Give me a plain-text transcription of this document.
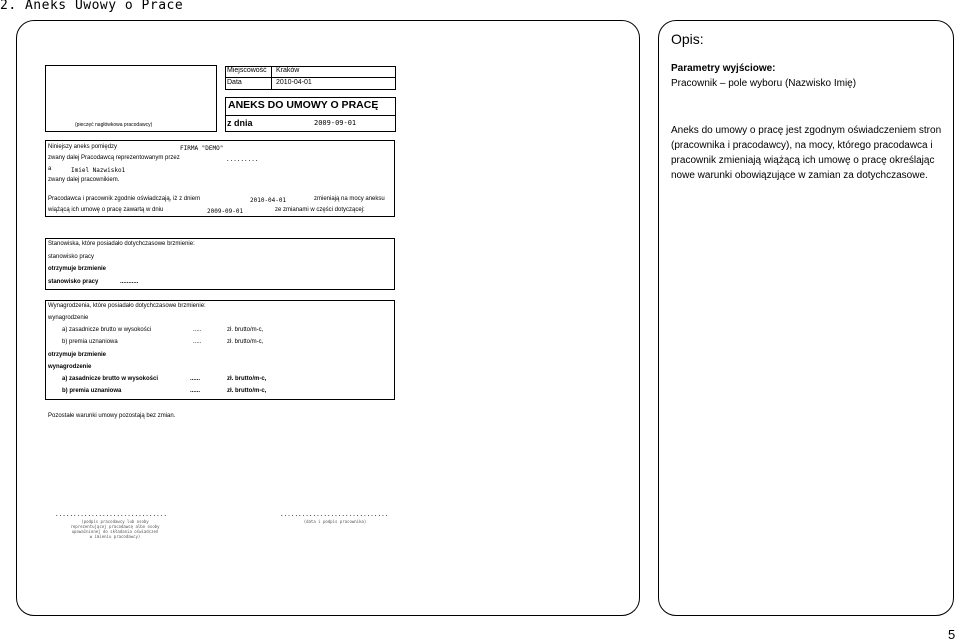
2. Aneks Uwowy o Prace
Miejscowość Kraków
Data	2010-04-01
ANEKS DO UMOWY O PRACĘ
z dnia	2009-09-01
(pieczęć nagłówkowa pracodawcy)
Niniejszy aneks pomiędzy	FIRMA "DEMO"
zwany dalej Pracodawcą reprezentowanym przez	.........
a	Imiel Nazwisko1
zwany dalej pracownikiem.
Pracodawca i pracownik zgodnie oświadczają, iż z dniem	2010-04-01	zmieniają na mocy aneksu
wiążącą ich umowę o pracę zawartą w dniu	2009-09-01	ze zmianami w części dotyczącej:
Stanowiska, które posiadało dotychczasowe brzmienie:
stanowisko pracy
otrzymuje brzmienie
stanowisko pracy	...........
Wynagrodzenia, które posiadało dotychczasowe brzmienie:
wynagrodzenie
a) zasadnicze brutto w wysokości	.....	zł. brutto/m-c,
b) premia uznaniowa	.....	zł. brutto/m-c,
otrzymuje brzmienie
wynagrodzenie
a) zasadnicze brutto w wysokości	......	zł. brutto/m-c,
b) premia uznaniowa	......	zł. brutto/m-c,
Pozostałe warunki umowy pozostają bez zmian.
...............................
(podpis pracodawcy lub osoby reprezentującej pracodawcę albo osoby upoważnionej do składania oświadczeń w imieniu pracodawcy)
..............................
(data i podpis pracownika)
Opis:
Parametry wyjściowe:
Pracownik – pole wyboru (Nazwisko Imię)
Aneks do umowy o pracę jest zgodnym oświadczeniem stron (pracownika i pracodawcy), na mocy, którego pracodawca i pracownik zmieniają wiążącą ich umowę o pracę określając nowe warunki obowiązujące w zamian za dotychczasowe.
5
